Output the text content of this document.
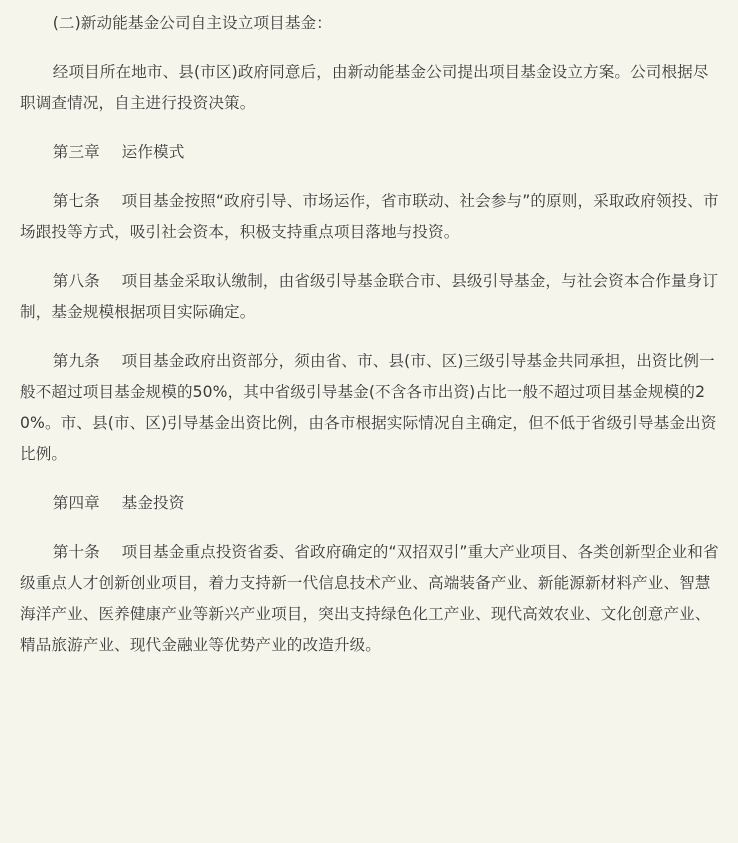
(二)新动能基金公司自主设立项目基金：

经项目所在地市、县(市区)政府同意后，由新动能基金公司提出项目基金设立方案。公司根据尽职调查情况，自主进行投资决策。

第三章 运作模式

第七条 项目基金按照“政府引导、市场运作，省市联动、社会参与”的原则，采取政府领投、市场跟投等方式，吸引社会资本，积极支持重点项目落地与投资。

第八条 项目基金采取认缴制，由省级引导基金联合市、县级引导基金，与社会资本合作量身订制，基金规模根据项目实际确定。

第九条 项目基金政府出资部分，须由省、市、县(市、区)三级引导基金共同承担，出资比例一般不超过项目基金规模的50%，其中省级引导基金(不含各市出资)占比一般不超过项目基金规模的20%。市、县(市、区)引导基金出资比例，由各市根据实际情况自主确定，但不低于省级引导基金出资比例。

第四章 基金投资

第十条 项目基金重点投资省委、省政府确定的“双招双引”重大产业项目、各类创新型企业和省级重点人才创新创业项目，着力支持新一代信息技术产业、高端装备产业、新能源新材料产业、智慧海洋产业、医养健康产业等新兴产业项目，突出支持绿色化工产业、现代高效农业、文化创意产业、精品旅游产业、现代金融业等优势产业的改造升级。
